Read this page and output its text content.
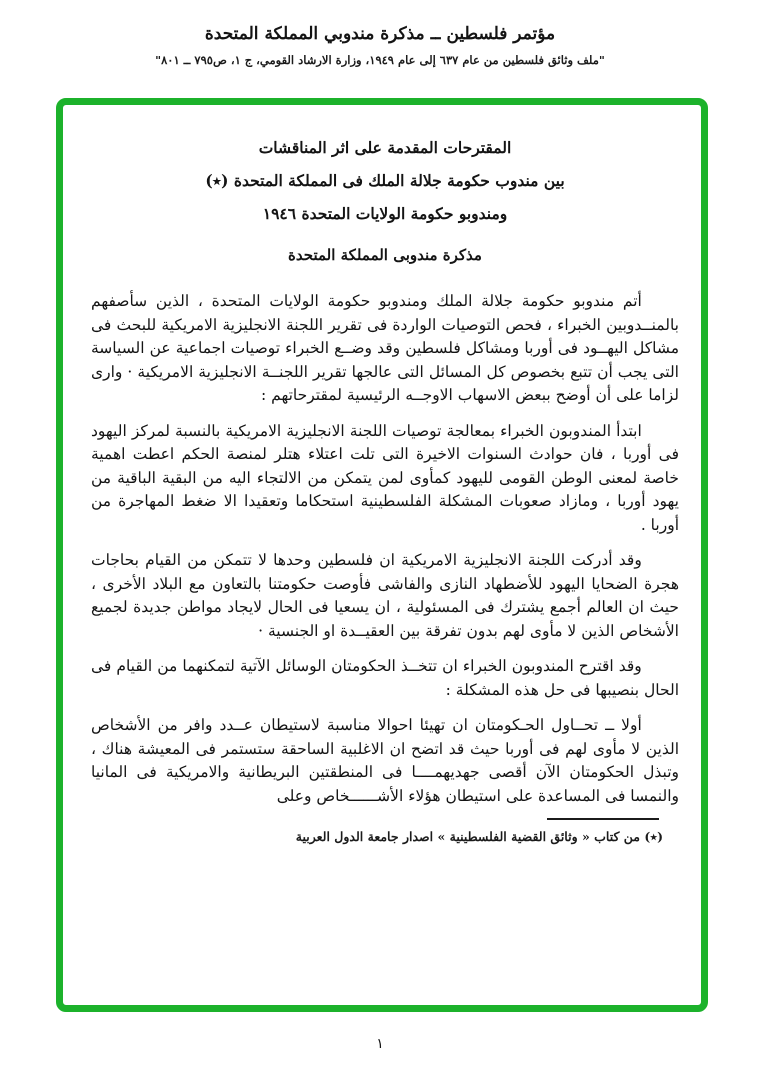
مؤتمر فلسطين ــ مذكرة مندوبي المملكة المتحدة
"ملف وثائق فلسطين من عام ٦٣٧ إلى عام ١٩٤٩، وزارة الارشاد القومي، ج ١، ص٧٩٥ ــ ٨٠١"
المقترحات المقدمة على اثر المناقشات
بين مندوب حكومة جلالة الملك فى المملكة المتحدة (٭)
ومندوبو حكومة الولايات المتحدة ١٩٤٦
مذكرة مندوبى المملكة المتحدة

أتم مندوبو حكومة جلالة الملك ومندوبو حكومة الولايات المتحدة ، الذين سأصفهم بالمنــدوبين الخبراء ، فحص التوصيات الواردة فى تقرير اللجنة الانجليزية الامريكية للبحث فى مشاكل اليهــود فى أوربا ومشاكل فلسطين وقد وضــع الخبراء توصيات اجماعية عن السياسة التى يجب أن تتبع بخصوص كل المسائل التى عالجها تقرير اللجنــة الانجليزية الامريكية · وارى لزاما على أن أوضح ببعض الاسهاب الاوجــه الرئيسية لمقترحاتهم :

ابتدأ المندوبون الخبراء بمعالجة توصيات اللجنة الانجليزية الامريكية بالنسبة لمركز اليهود فى أوربا ، فان حوادث السنوات الاخيرة التى تلت اعتلاء هتلر لمنصة الحكم اعطت اهمية خاصة لمعنى الوطن القومى لليهود كمأوى لمن يتمكن من الالتجاء اليه من البقية الباقية من يهود أوربا ، ومازاد صعوبات المشكلة الفلسطينية استحكاما وتعقيدا الا ضغط المهاجرة من أوربا .

وقد أدركت اللجنة الانجليزية الامريكية ان فلسطين وحدها لا تتمكن من القيام بحاجات هجرة الضحايا اليهود للأضطهاد النازى والفاشى فأوصت حكومتنا بالتعاون مع البلاد الأخرى ، حيث ان العالم أجمع يشترك فى المسئولية ، ان يسعيا فى الحال لايجاد مواطن جديدة لجميع الأشخاص الذين لا مأوى لهم بدون تفرقة بين العقيــدة او الجنسية ·

وقد اقترح المندوبون الخبراء ان تتخــذ الحكومتان الوسائل الآتية لتمكنهما من القيام فى الحال بنصيبها فى حل هذه المشكلة :

أولا ــ تحــاول الحـكومتان ان تهيئا احوالا مناسبة لاستيطان عــدد وافر من الأشخاص الذين لا مأوى لهم فى أوربا حيث قد اتضح ان الاغلبية الساحقة ستستمر فى المعيشة هناك ، وتبذل الحكومتان الآن أقصى جهديهمــــا فى المنطقتين البريطانية والامريكية فى المانيا والنمسا فى المساعدة على استيطان هؤلاء الأشــــــخاص وعلى

(٭) من كتاب « وثائق القضية الفلسطينية » اصدار جامعة الدول العربية
١
